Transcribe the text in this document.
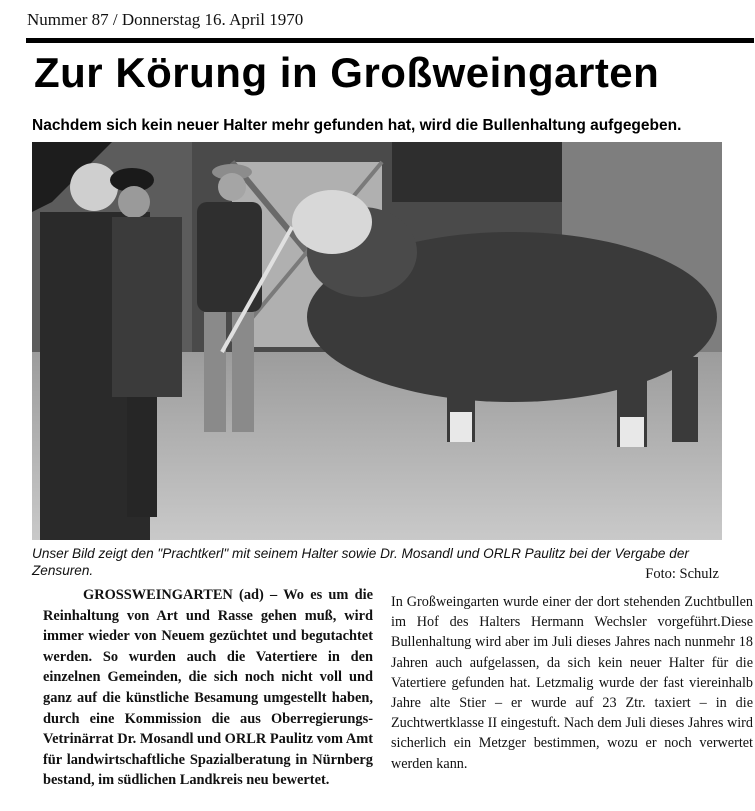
Nummer 87 / Donnerstag 16. April 1970
Zur Körung in Großweingarten
Nachdem sich kein neuer Halter mehr gefunden hat, wird die Bullenhaltung aufgegeben.
Unser Bild zeigt den "Prachtkerl" mit seinem Halter sowie Dr. Mosandl und ORLR Paulitz bei der Vergabe der Zensuren.	Foto: Schulz

GROSSWEINGARTEN (ad) – Wo es um die Reinhaltung von Art und Rasse gehen muß, wird immer wieder von Neuem gezüchtet und begutachtet werden. So wurden auch die Vatertiere in den einzelnen Gemeinden, die sich noch nicht voll und ganz auf die künstliche Besamung umgestellt haben, durch eine Kommission die aus Oberregierungs-Vetrinärrat Dr. Mosandl und ORLR Paulitz vom Amt für landwirtschaftliche Spazialberatung in Nürnberg bestand, im südlichen Landkreis neu bewertet.

In Großweingarten wurde einer der dort stehenden Zuchtbullen im Hof des Halters Hermann Wechsler vorgeführt.Diese Bullenhaltung wird aber im Juli dieses Jahres nach nunmehr 18 Jahren auch aufgelassen, da sich kein neuer Halter für die Vatertiere gefunden hat. Letzmalig wurde der fast viereinhalb Jahre alte Stier – er wurde auf 23 Ztr. taxiert – in die Zuchtwertklasse II eingestuft. Nach dem Juli dieses Jahres wird sicherlich ein Metzger bestimmen, wozu er noch verwertet werden kann.
